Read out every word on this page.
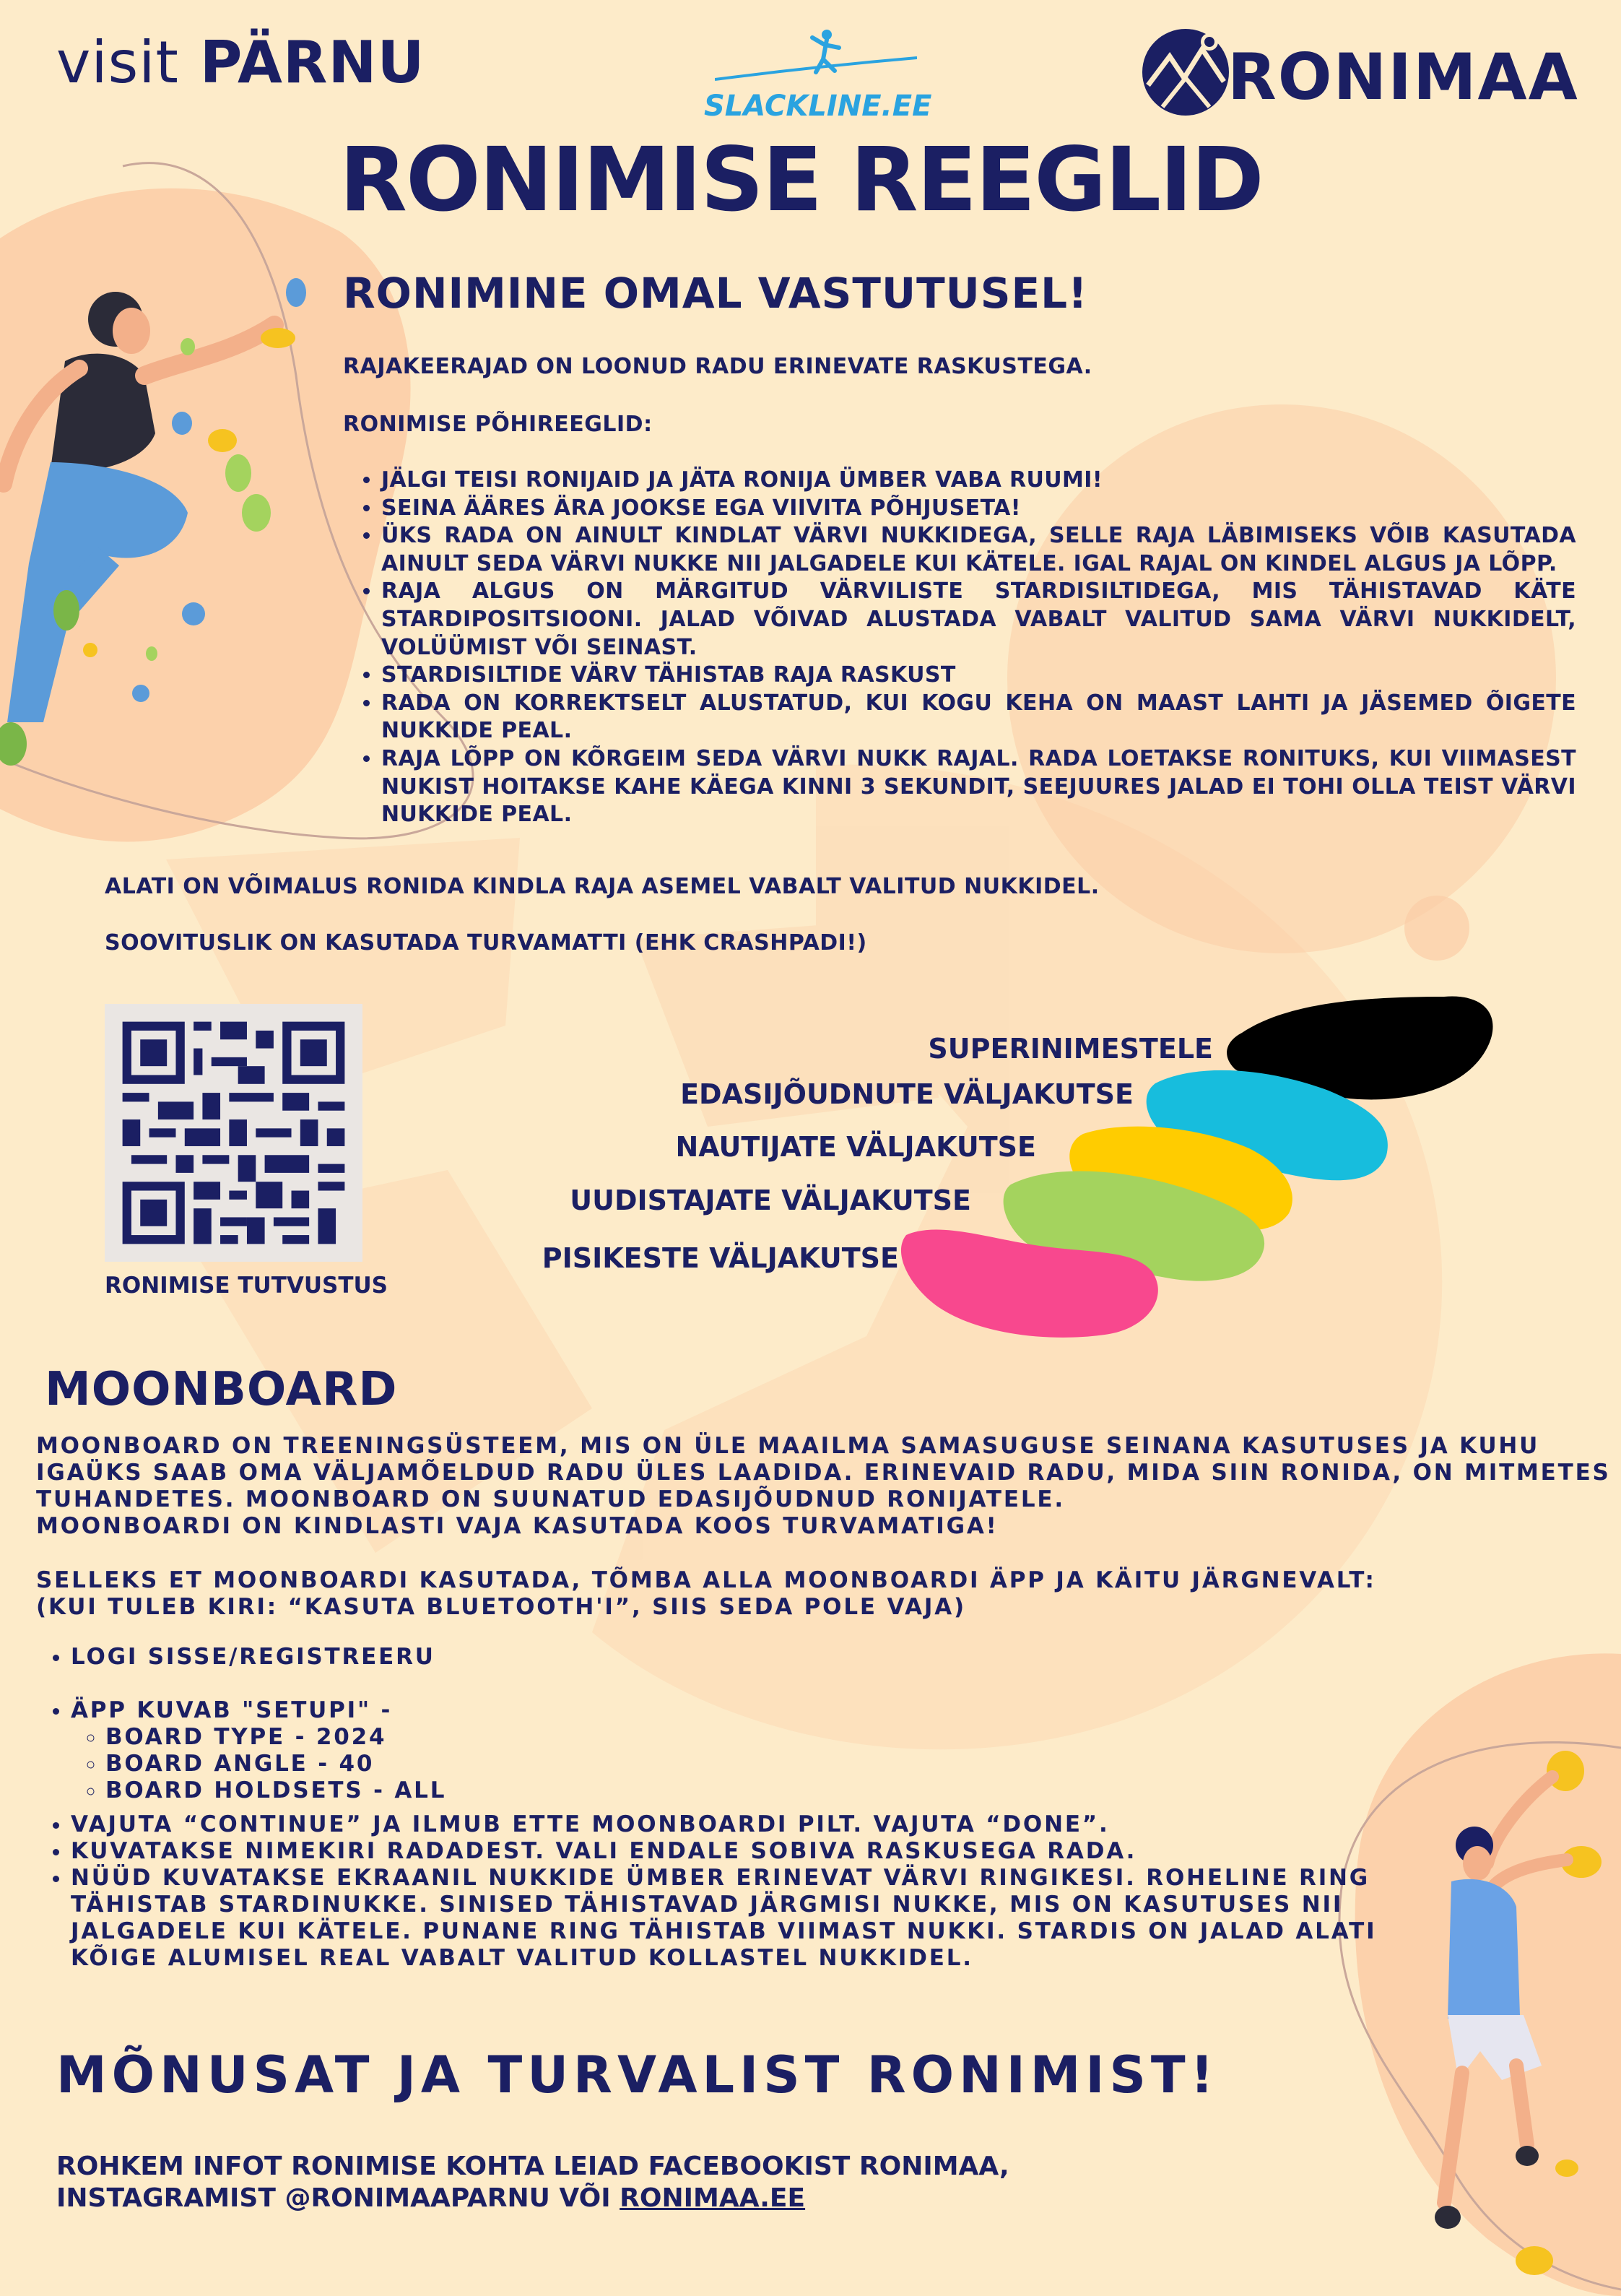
visit PÄRNU
SLACKLINE.EE	RONIMAA
RONIMISE REEGLID
RONIMINE OMAL VASTUTUSEL!
RAJAKEERAJAD ON LOONUD RADU ERINEVATE RASKUSTEGA.
RONIMISE PÕHIREEGLID:
• JÄLGI TEISI RONIJAID JA JÄTA RONIJA ÜMBER VABA RUUMI!
• SEINA ÄÄRES ÄRA JOOKSE EGA VIIVITA PÕHJUSETA!
• ÜKS RADA ON AINULT KINDLAT VÄRVI NUKKIDEGA, SELLE RAJA LÄBIMISEKS VÕIB KASUTADA AINULT SEDA VÄRVI NUKKE NII JALGADELE KUI KÄTELE. IGAL RAJAL ON KINDEL ALGUS JA LÕPP.
• RAJA ALGUS ON MÄRGITUD VÄRVILISTE STARDISILTIDEGA, MIS TÄHISTAVAD KÄTE STARDIPOSITSIOONI. JALAD VÕIVAD ALUSTADA VABALT VALITUD SAMA VÄRVI NUKKIDELT, VOLÜÜMIST VÕI SEINAST.
• STARDISILTIDE VÄRV TÄHISTAB RAJA RASKUST
• RADA ON KORREKTSELT ALUSTATUD, KUI KOGU KEHA ON MAAST LAHTI JA JÄSEMED ÕIGETE NUKKIDE PEAL.
• RAJA LÕPP ON KÕRGEIM SEDA VÄRVI NUKK RAJAL. RADA LOETAKSE RONITUKS, KUI VIIMASEST NUKIST HOITAKSE KAHE KÄEGA KINNI 3 SEKUNDIT, SEEJUURES JALAD EI TOHI OLLA TEIST VÄRVI NUKKIDE PEAL.
ALATI ON VÕIMALUS RONIDA KINDLA RAJA ASEMEL VABALT VALITUD NUKKIDEL.
SOOVITUSLIK ON KASUTADA TURVAMATTI (EHK CRASHPADI!)
RONIMISE TUTVUSTUS
SUPERINIMESTELE
EDASIJÕUDNUTE VÄLJAKUTSE
NAUTIJATE VÄLJAKUTSE
UUDISTAJATE VÄLJAKUTSE
PISIKESTE VÄLJAKUTSE
MOONBOARD
MOONBOARD ON TREENINGSÜSTEEM, MIS ON ÜLE MAAILMA SAMASUGUSE SEINANA KASUTUSES JA KUHU
IGAÜKS SAAB OMA VÄLJAMÕELDUD RADU ÜLES LAADIDA. ERINEVAID RADU, MIDA SIIN RONIDA, ON MITMETES
TUHANDETES. MOONBOARD ON SUUNATUD EDASIJÕUDNUD RONIJATELE.
MOONBOARDI ON KINDLASTI VAJA KASUTADA KOOS TURVAMATIGA!
SELLEKS ET MOONBOARDI KASUTADA, TÕMBA ALLA MOONBOARDI ÄPP JA KÄITU JÄRGNEVALT:
(KUI TULEB KIRI: “KASUTA BLUETOOTH'I”, SIIS SEDA POLE VAJA)
• LOGI SISSE/REGISTREERU
• ÄPP KUVAB "SETUPI" -
◦ BOARD TYPE - 2024
◦ BOARD ANGLE - 40
◦ BOARD HOLDSETS - ALL
• VAJUTA “CONTINUE” JA ILMUB ETTE MOONBOARDI PILT. VAJUTA “DONE”.
• KUVATAKSE NIMEKIRI RADADEST. VALI ENDALE SOBIVA RASKUSEGA RADA.
• NÜÜD KUVATAKSE EKRAANIL NUKKIDE ÜMBER ERINEVAT VÄRVI RINGIKESI. ROHELINE RING
TÄHISTAB STARDINUKKE. SINISED TÄHISTAVAD JÄRGMISI NUKKE, MIS ON KASUTUSES NII
JALGADELE KUI KÄTELE. PUNANE RING TÄHISTAB VIIMAST NUKKI. STARDIS ON JALAD ALATI
KÕIGE ALUMISEL REAL VABALT VALITUD KOLLASTEL NUKKIDEL.
MÕNUSAT JA TURVALIST RONIMIST!
ROHKEM INFOT RONIMISE KOHTA LEIAD FACEBOOKIST RONIMAA,
INSTAGRAMIST @RONIMAAPARNU VÕI RONIMAA.EE
